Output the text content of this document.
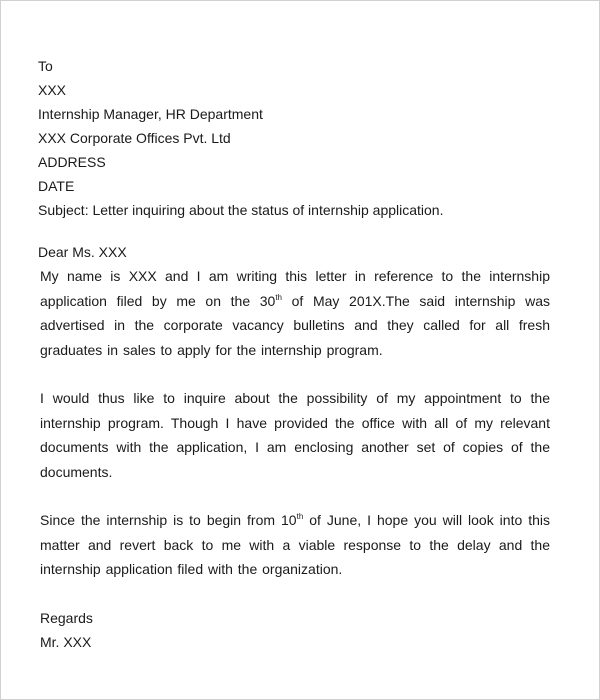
To
XXX
Internship Manager, HR Department
XXX Corporate Offices Pvt. Ltd
ADDRESS
DATE
Subject: Letter inquiring about the status of internship application.
Dear Ms. XXX

My name is XXX and I am writing this letter in reference to the internship application filed by me on the 30th of May 201X.The said internship was advertised in the corporate vacancy bulletins and they called for all fresh graduates in sales to apply for the internship program.

I would thus like to inquire about the possibility of my appointment to the internship program. Though I have provided the office with all of my relevant documents with the application, I am enclosing another set of copies of the documents.

Since the internship is to begin from 10th of June, I hope you will look into this matter and revert back to me with a viable response to the delay and the internship application filed with the organization.

Regards
Mr. XXX
